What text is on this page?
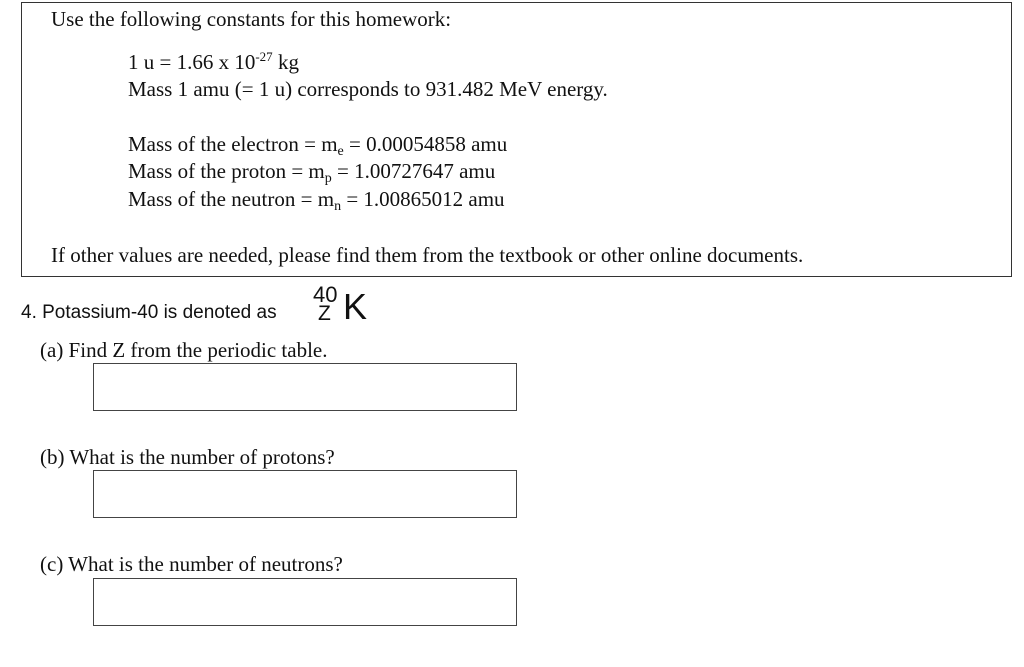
Use the following constants for this homework:
1 u = 1.66 x $10^{-27}$ kg
Mass 1 amu (= 1 u) corresponds to 931.482 MeV energy.
Mass of the electron = $m_e = 0.00054858$ amu
Mass of the proton = $m_p = 1.00727647$ amu
Mass of the neutron = $m_n = 1.00865012$ amu
If other values are needed, please find them from the textbook or other online documents.
4. Potassium-40 is denoted as
40
Z K
(a) Find Z from the periodic table.
(b) What is the number of protons?
(c) What is the number of neutrons?
